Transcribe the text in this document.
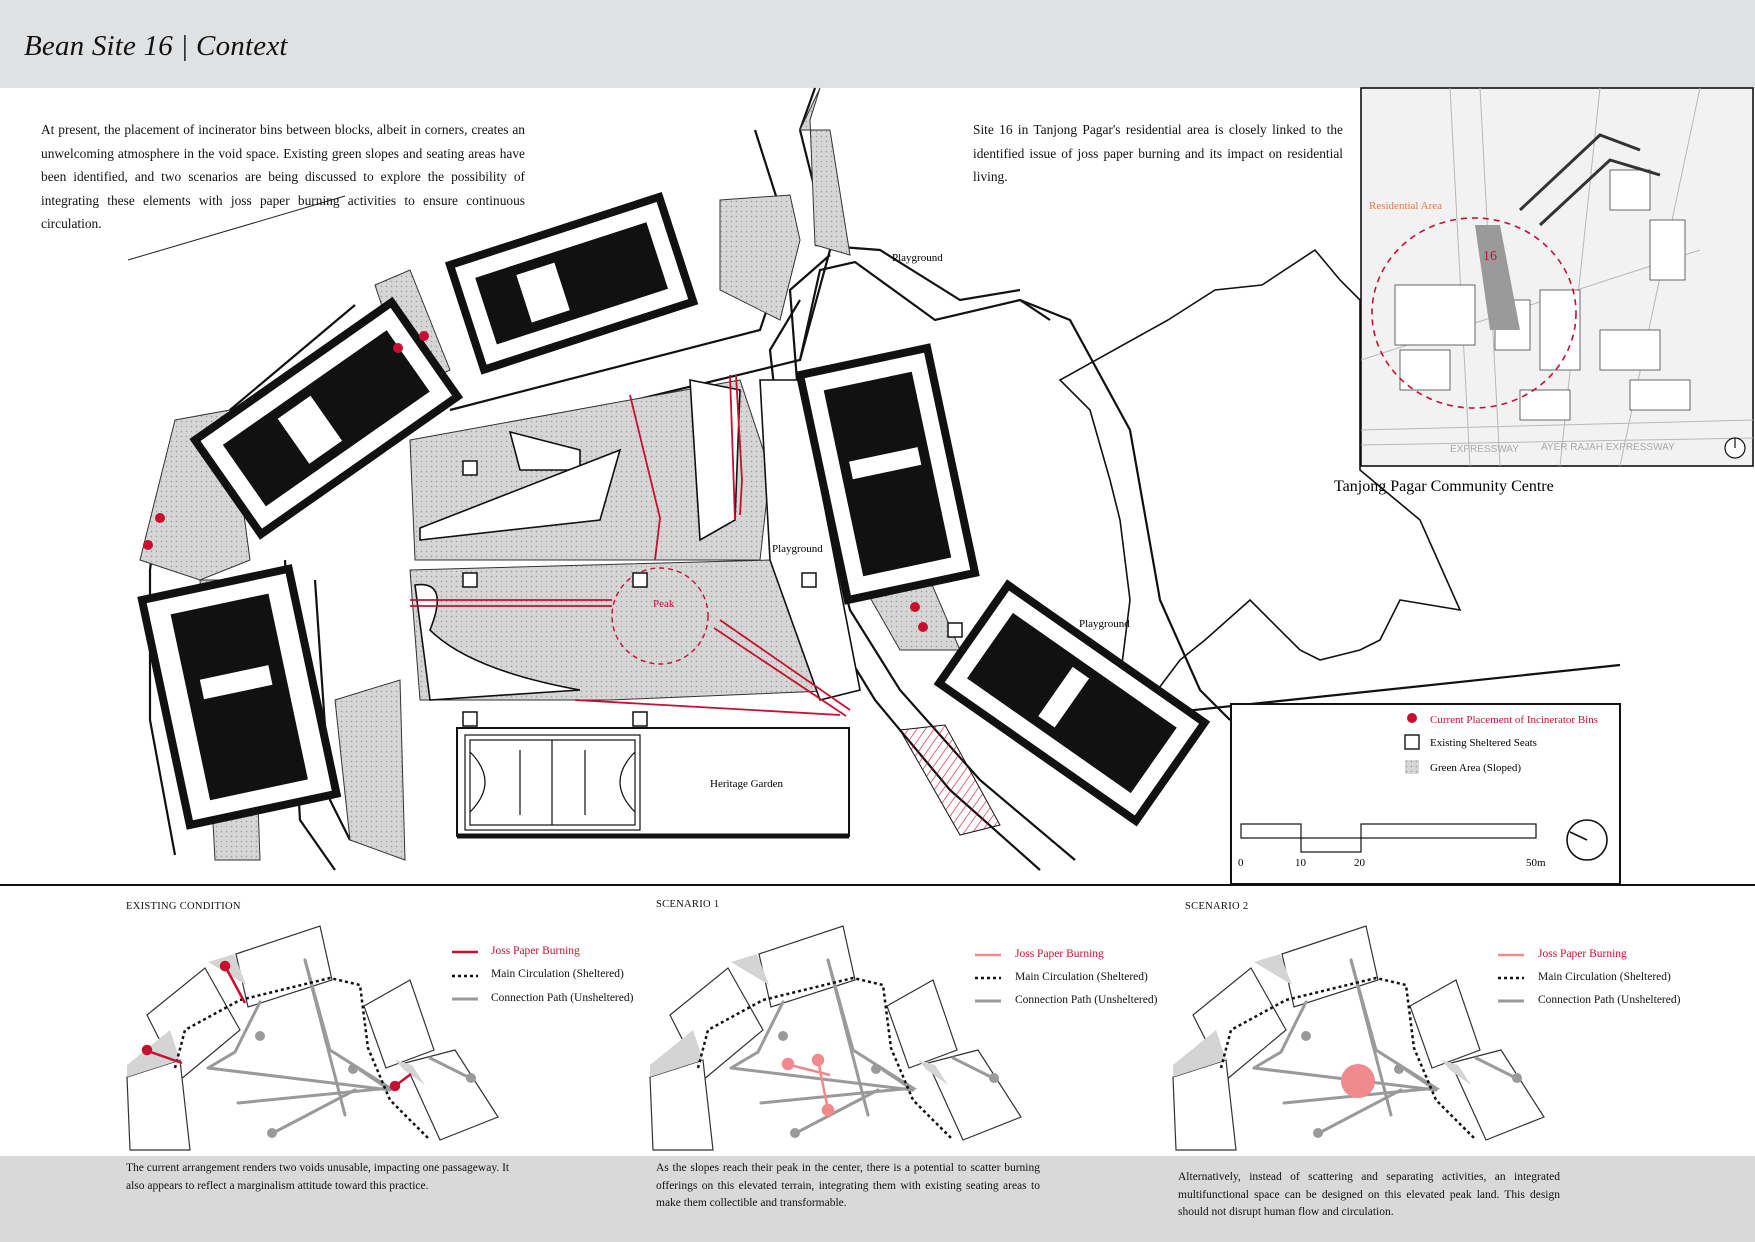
Bean Site 16 | Context
At present, the placement of incinerator bins between blocks, albeit in corners, creates an unwelcoming atmosphere in the void space. Existing green slopes and seating areas have been identified, and two scenarios are being discussed to explore the possibility of integrating these elements with joss paper burning activities to ensure continuous circulation.
Site 16 in Tanjong Pagar's residential area is closely linked to the identified issue of joss paper burning and its impact on residential living.
Tanjong Pagar Community Centre
Peak
Heritage Garden
Playground
Playground
Playground
Residential Area
16
EXPRESSWAY AYER RAJAH EXPRESSWAY
Current Placement of Incinerator Bins
Existing Sheltered Seats
Green Area (Sloped)
0	10	20	50m
EXISTING CONDITION	SCENARIO 1	SCENARIO 2
Joss Paper Burning
Main Circulation (Sheltered)
Connection Path (Unsheltered)
Joss Paper Burning
Main Circulation (Sheltered)
Connection Path (Unsheltered)
Joss Paper Burning
Main Circulation (Sheltered)
Connection Path (Unsheltered)
The current arrangement renders two voids unusable, impacting one passageway. It also appears to reflect a marginalism attitude toward this practice.
As the slopes reach their peak in the center, there is a potential to scatter burning offerings on this elevated terrain, integrating them with existing seating areas to make them collectible and transformable.
Alternatively, instead of scattering and separating activities, an integrated multifunctional space can be designed on this elevated peak land. This design should not disrupt human flow and circulation.
